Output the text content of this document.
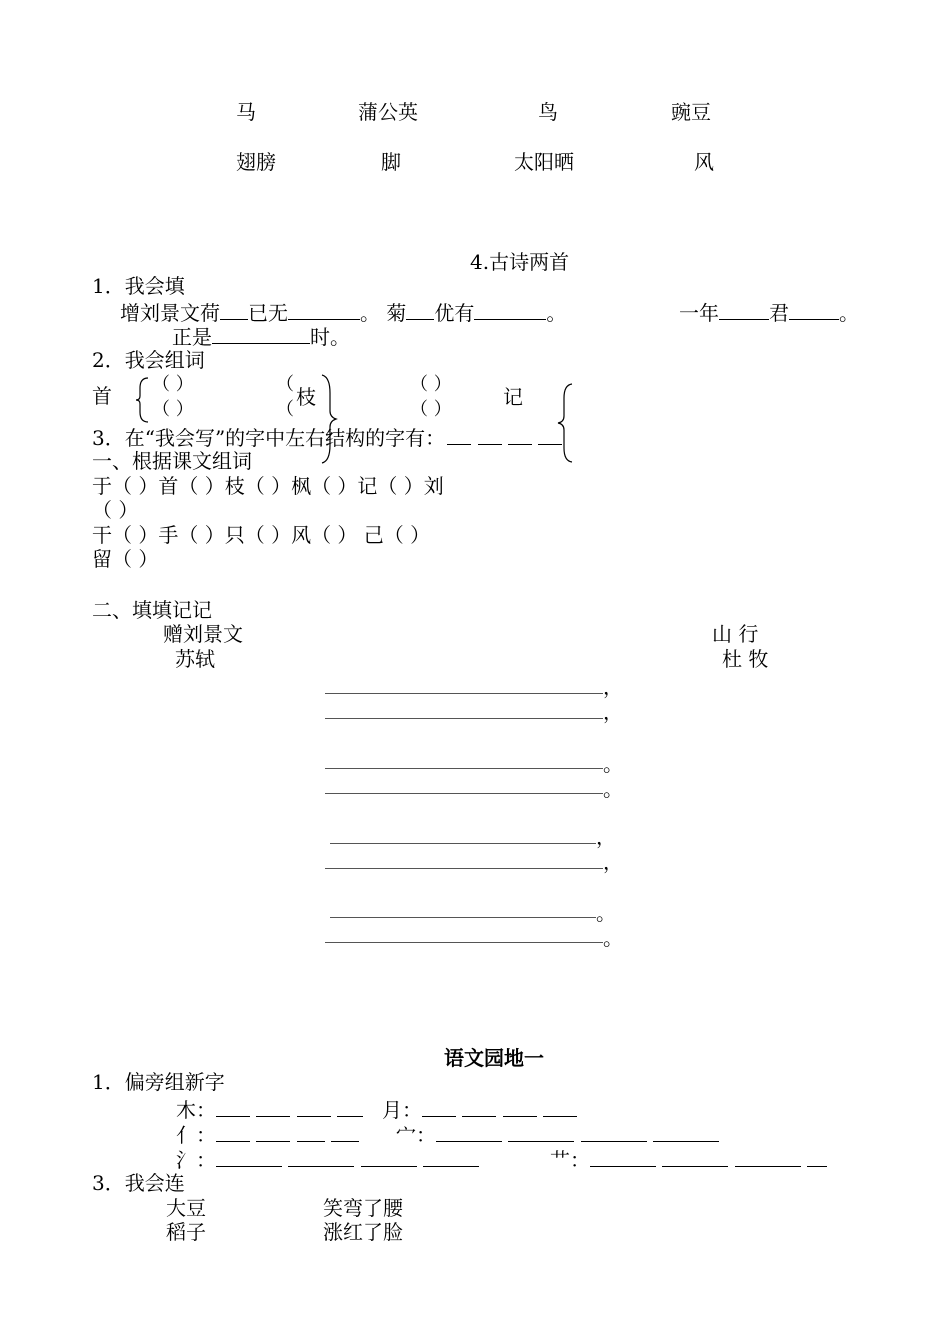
马	蒲公英	鸟	豌豆
翅膀	脚	太阳晒	风
4.古诗两首
1．我会填
增刘景文荷 已无	。 菊 优有	。	一年	君	。
正是	时。
2．我会组词
首 （ ）
（ ）
（
（
枝
（ ）
（ ）
记
3．在“我会写”的字中左右结构的字有：
一、根据课文组词
于（ ）首（ ）枝（ ）枫（ ）记（ ）刘
（ ）
干（ ）手（ ）只（ ）风（ ） 己（ ）
留（ ）
二、填填记记
赠刘景文
苏轼
山 行
杜 牧
，
，
。
。
，
，
。
。
语文园地一
1．偏旁组新字
木：	月：
亻：	宀：
氵：	艹：
3．我会连
大豆
稻子
笑弯了腰
涨红了脸
